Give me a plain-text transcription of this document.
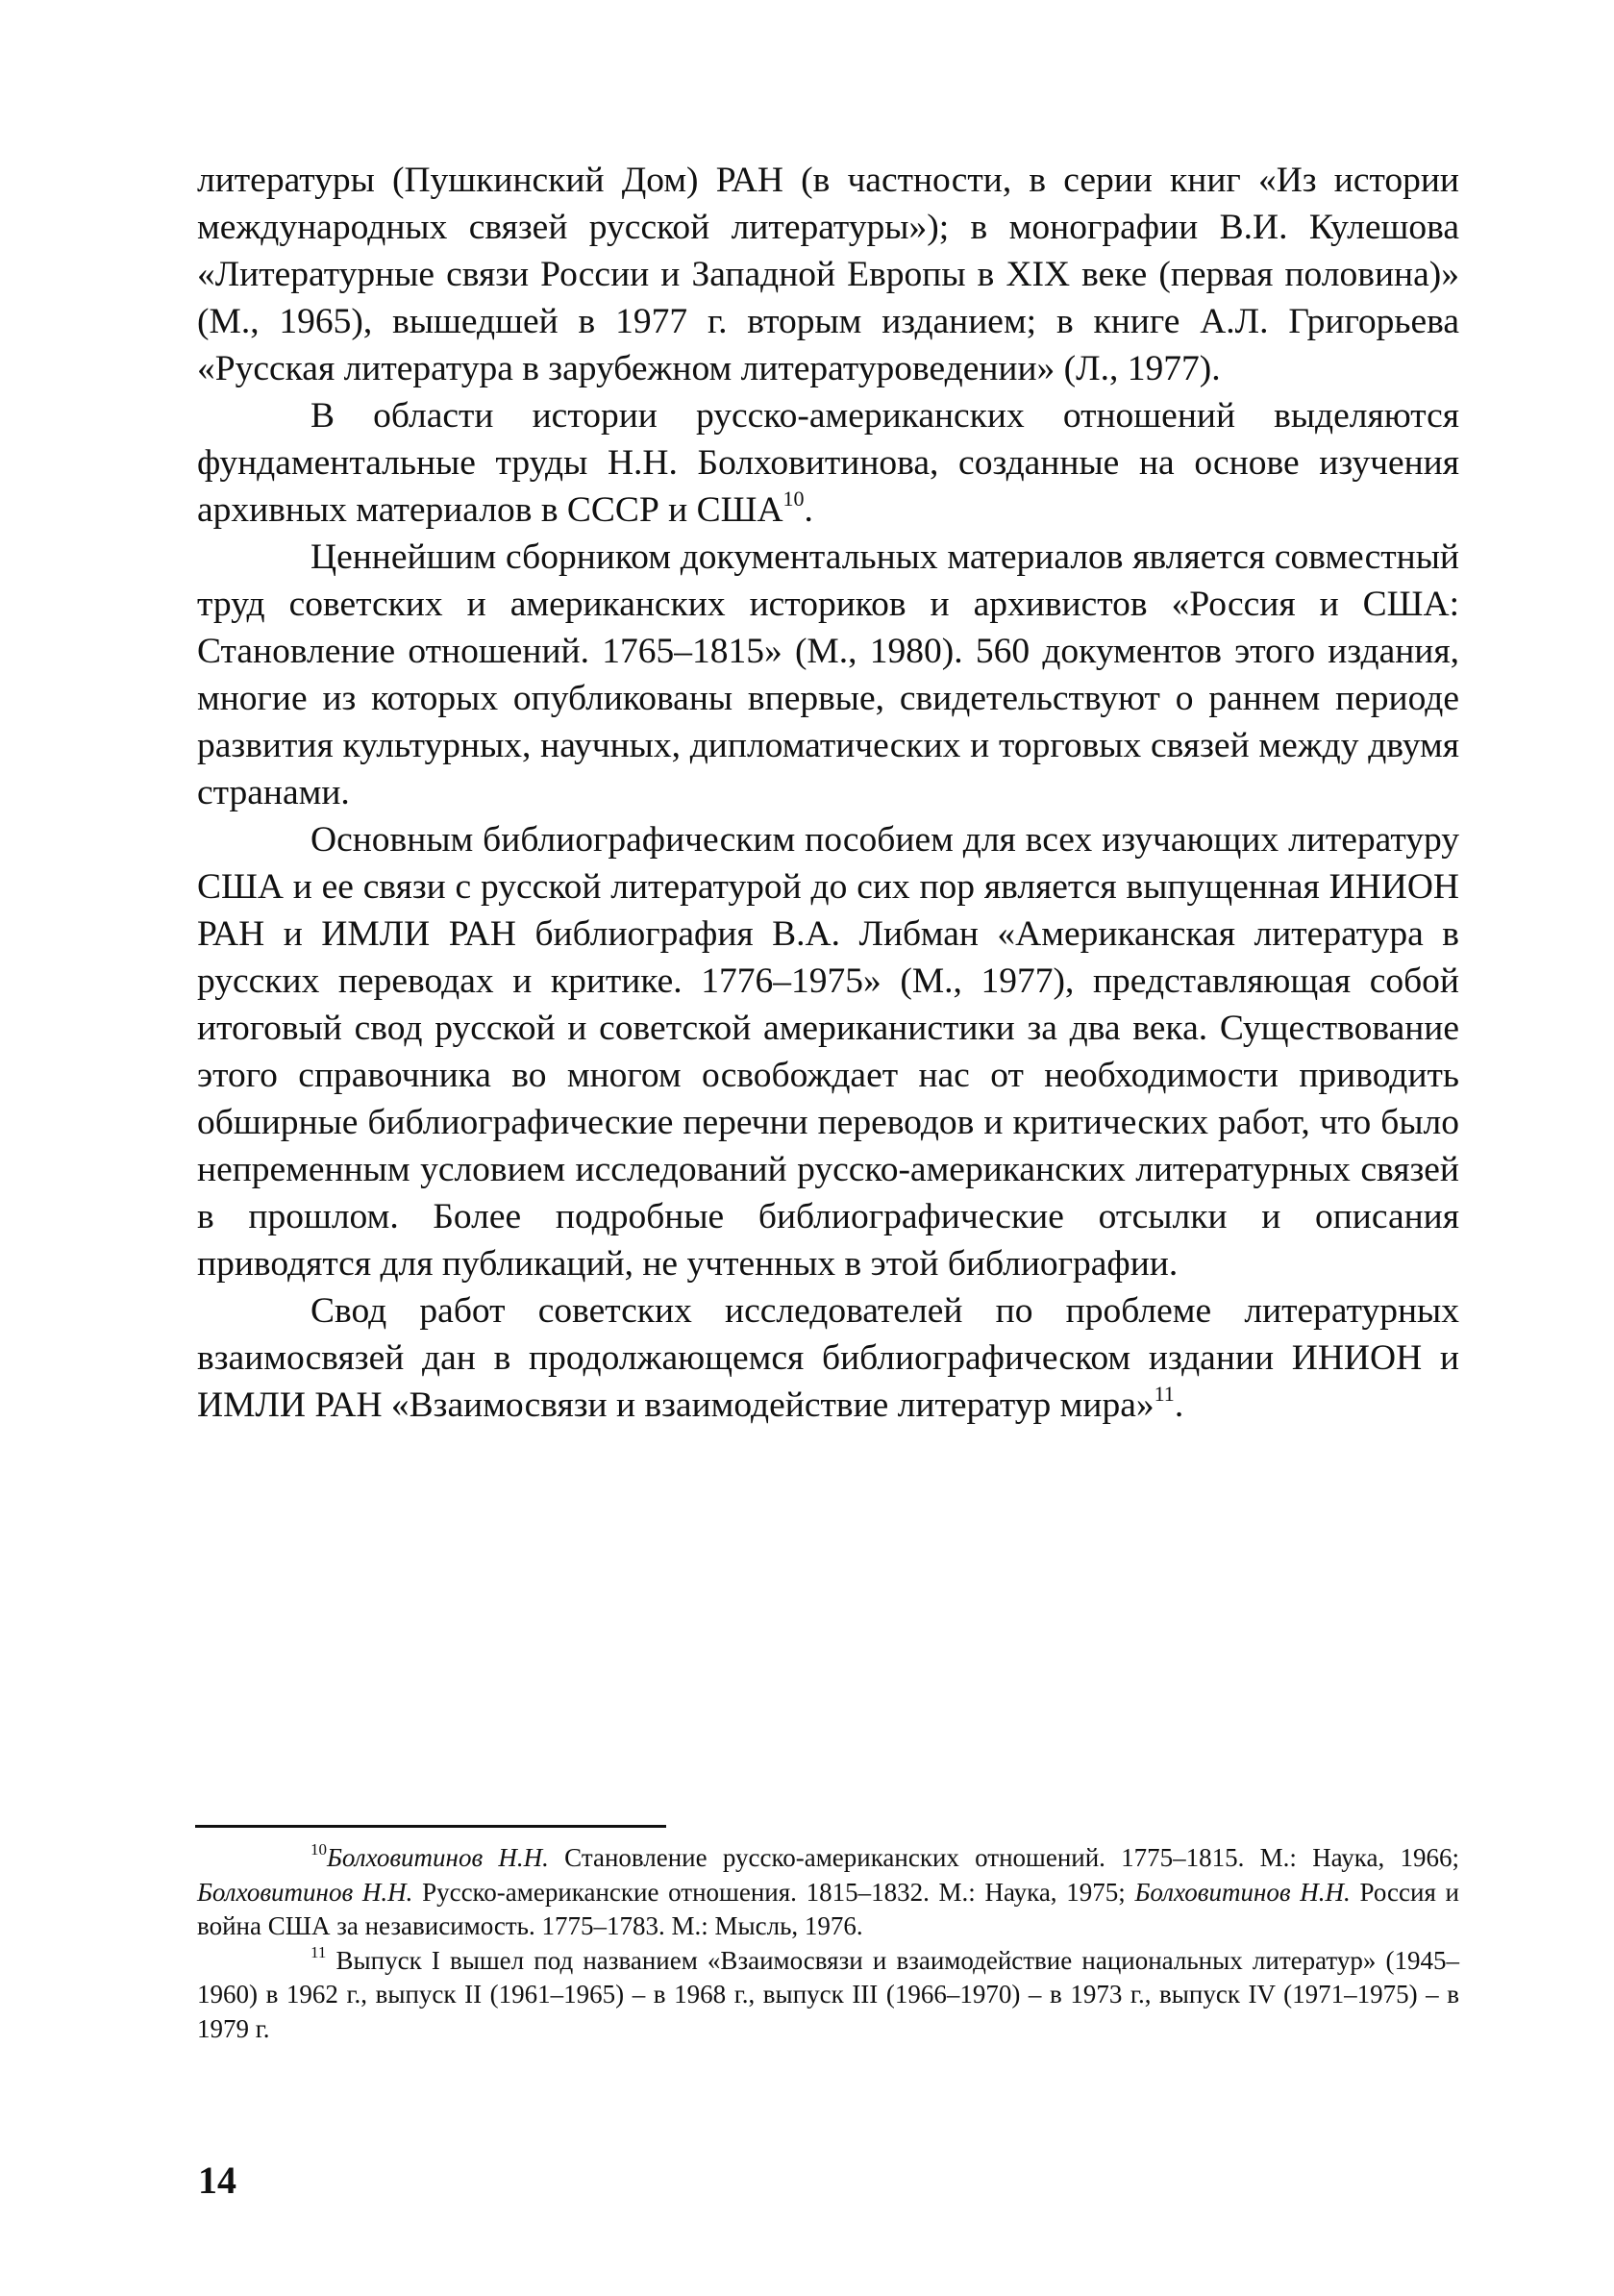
литературы (Пушкинский Дом) РАН (в частности, в серии книг «Из истории международных связей русской литературы»); в монографии В.И. Кулешова «Литературные связи России и Западной Европы в XIX веке (первая половина)» (М., 1965), вышедшей в 1977 г. вторым изданием; в книге А.Л. Григорьева «Русская литература в зарубежном литературоведении» (Л., 1977).

В области истории русско-американских отношений выделяются фундаментальные труды Н.Н. Болховитинова, созданные на основе изучения архивных материалов в СССР и США$^{10}$.

Ценнейшим сборником документальных материалов является совместный труд советских и американских историков и архивистов «Россия и США: Становление отношений. 1765–1815» (М., 1980). 560 документов этого издания, многие из которых опубликованы впервые, свидетельствуют о раннем периоде развития культурных, научных, дипломатических и торговых связей между двумя странами.

Основным библиографическим пособием для всех изучающих литературу США и ее связи с русской литературой до сих пор является выпущенная ИНИОН РАН и ИМЛИ РАН библиография В.А. Либман «Американская литература в русских переводах и критике. 1776–1975» (М., 1977), представляющая собой итоговый свод русской и советской американистики за два века. Существование этого справочника во многом освобождает нас от необходимости приводить обширные библиографические перечни переводов и критических работ, что было непременным условием исследований русско-американских литературных связей в прошлом. Более подробные библиографические отсылки и описания приводятся для публикаций, не учтенных в этой библиографии.

Свод работ советских исследователей по проблеме литературных взаимосвязей дан в продолжающемся библиографическом издании ИНИОН и ИМЛИ РАН «Взаимосвязи и взаимодействие литератур мира»$^{11}$.

$^{10}$Болховитинов Н.Н. Становление русско-американских отношений. 1775–1815. М.: Наука, 1966; Болховитинов Н.Н. Русско-американские отношения. 1815–1832. М.: Наука, 1975; Болховитинов Н.Н. Россия и война США за независимость. 1775–1783. М.: Мысль, 1976.

$^{11}$ Выпуск I вышел под названием «Взаимосвязи и взаимодействие национальных литератур» (1945–1960) в 1962 г., выпуск II (1961–1965) – в 1968 г., выпуск III (1966–1970) – в 1973 г., выпуск IV (1971–1975) – в 1979 г.

14
